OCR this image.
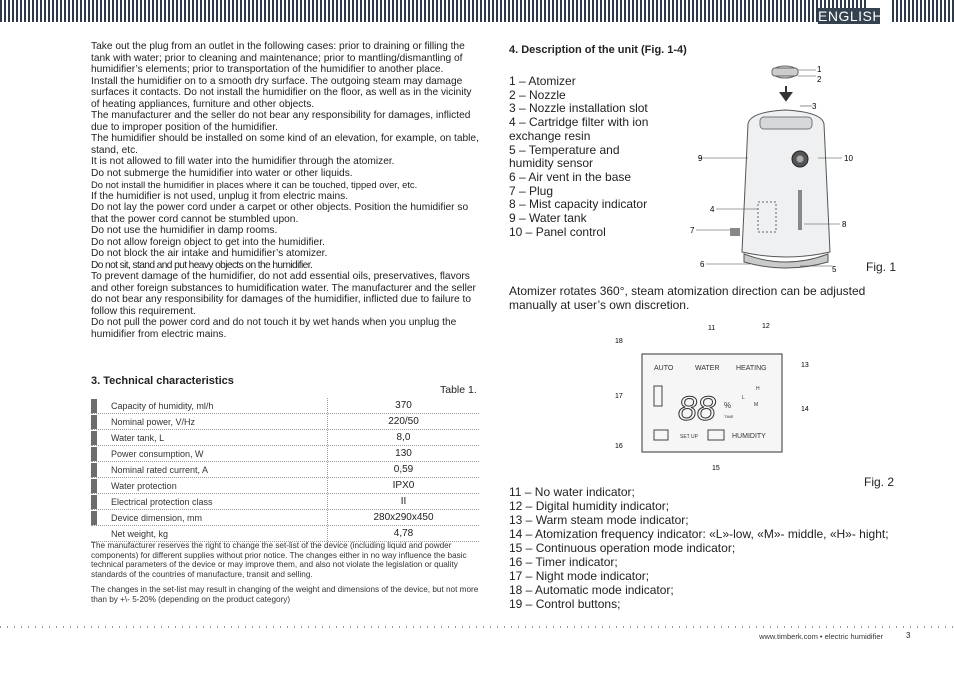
ENGLISH

Take out the plug from an outlet in the following cases: prior to draining or filling the tank with water; prior to cleaning and maintenance; prior to mantling/dismantling of humidifier’s elements; prior to transportation of the humidifier to another place.

Install the humidifier on to a smooth dry surface. The outgoing steam may damage surfaces it contacts. Do not install the humidifier on the floor, as well as in the vicinity of heating appliances, furniture and other objects.

The manufacturer and the seller do not bear any responsibility for damages, inflicted due to improper position of the humidifier.

The humidifier should be installed on some kind of an elevation, for example, on table, stand, etc.

It is not allowed to fill water into the humidifier through the atomizer.

Do not submerge the humidifier into water or other liquids.

Do not install the humidifier in places where it can be touched, tipped over, etc.

If the humidifier is not used, unplug it from electric mains.

Do not lay the power cord under a carpet or other objects. Position the humidifier so that the power cord cannot be stumbled upon.

Do not use the humidifier in damp rooms.

Do not allow foreign object to get into the humidifier.

Do not block the air intake and humidifier’s atomizer.

Do not sit, stand and put heavy objects on the humidifier.

To prevent damage of the humidifier, do not add essential oils, preservatives, flavors and other foreign substances to humidification water. The manufacturer and the seller do not bear any responsibility for damages of the humidifier, inflicted due to failure to follow this requirement.

Do not pull the power cord and do not touch it by wet hands when you unplug the humidifier from electric mains.

3. Technical characteristics
Table 1.
Capacity of humidity, ml/h	370
Nominal power, V/Hz	220/50
Water tank, L	8,0
Power consumption, W	130
Nominal rated current, A	0,59
Water protection	IPX0
Electrical protection class	II
Device dimension, mm	280x290x450
Net weight, kg	4,78

The manufacturer reserves the right to change the set-list of the device (including liquid and powder components) for different supplies without prior notice. The changes either in no way influence the basic technical parameters of the device or may improve them, and also not violate the legislation or quality standards of the countries of manufacture, transit and selling.

The changes in the set-list may result in changing of the weight and dimensions of the device, but not more than by +\- 5-20% (depending on the product category)

4. Description of the unit (Fig. 1-4)
1 – Atomizer
2 – Nozzle
3 – Nozzle installation slot
4 – Cartridge filter with ion exchange resin
5 – Temperature and humidity sensor
6 – Air vent in the base
7 – Plug
8 – Mist capacity indicator
9 – Water tank
10 – Panel control
1
2
3
4
5
6
7
8
9	10
Fig. 1
Atomizer rotates 360°, steam atomization direction can be adjusted manually at user’s own discretion.
AUTO	WATER HEATING
88 %
H
L
M
TIME
SET UP	HUMIDITY
11	12
13
14
15
16
17
18
Fig. 2
11 – No water indicator;
12 – Digital humidity indicator;
13 – Warm steam mode indicator;
14 – Atomization frequency indicator: «L»-low, «M»- middle, «H»- hight;
15 – Continuous operation mode indicator;
16 – Timer indicator;
17 – Night mode indicator;
18 – Automatic mode indicator;
19 – Control buttons;
www.timberk.com • electric humidifier	3
